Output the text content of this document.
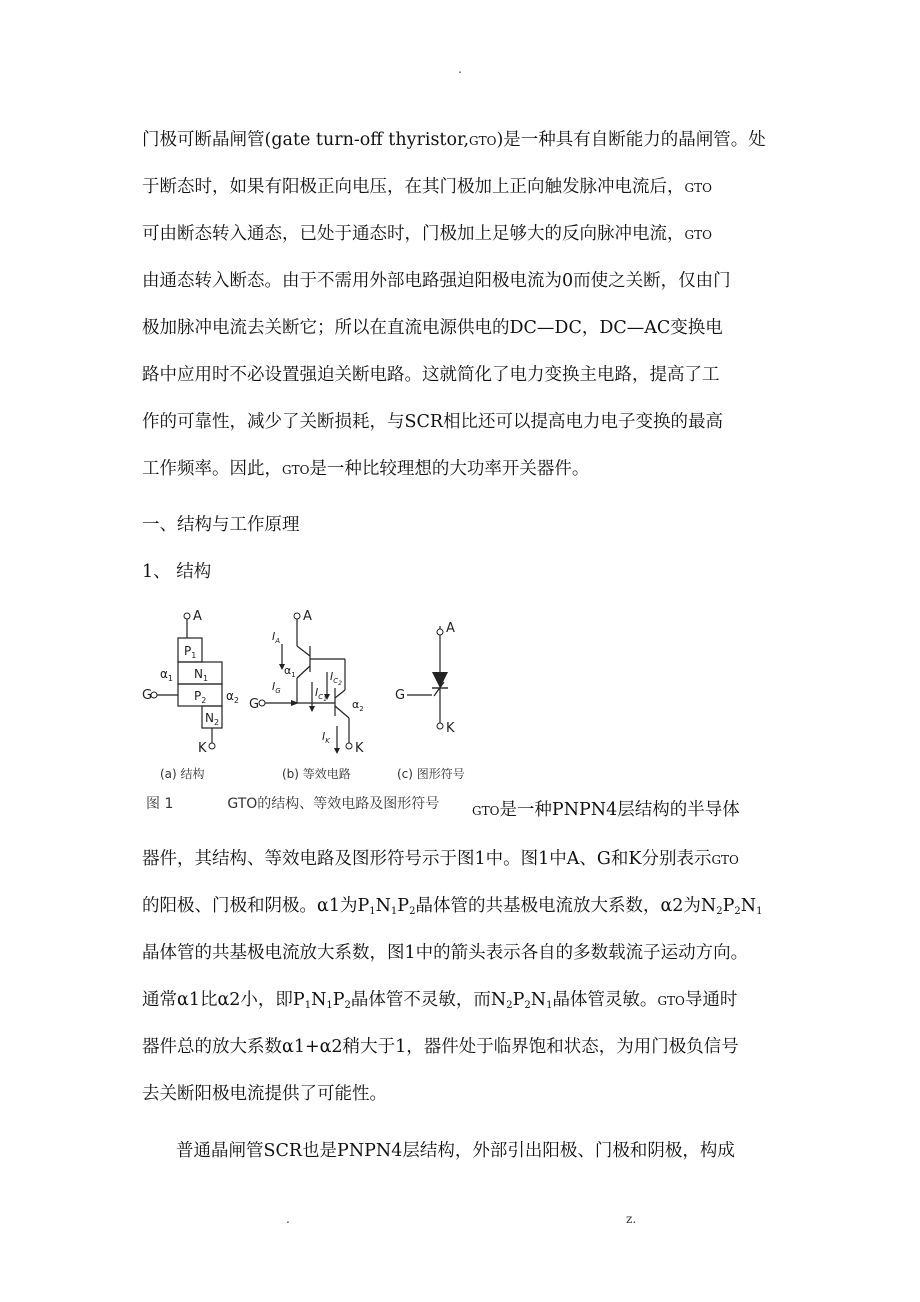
.
门极可断晶闸管(gate turn-off thyristor,GTO)是一种具有自断能力的晶闸管。处
于断态时，如果有阳极正向电压，在其门极加上正向触发脉冲电流后，GTO
可由断态转入通态，已处于通态时，门极加上足够大的反向脉冲电流，GTO
由通态转入断态。由于不需用外部电路强迫阳极电流为0而使之关断，仅由门
极加脉冲电流去关断它；所以在直流电源供电的DC—DC，DC—AC变换电
路中应用时不必设置强迫关断电路。这就简化了电力变换主电路，提高了工
作的可靠性，减少了关断损耗，与SCR相比还可以提高电力电子变换的最高
工作频率。因此，GTO是一种比较理想的大功率开关器件。
一、结构与工作原理
1、 结构
A
K
G
$P_1$
$N_1$
$P_2$
$N_2$
$\alpha_1$
$\alpha_2$
A
K
G
$I_A$
$I_G$	$I_C1$
$I_C2$
$I_K$
$\alpha_1$
$\alpha_2$
A
K
G
(a) 结构	(b) 等效电路	(c) 图形符号
图 1	GTO的结构、等效电路及图形符号	GTO是一种PNPN4层结构的半导体
器件，其结构、等效电路及图形符号示于图1中。图1中A、G和K分别表示GTO
的阳极、门极和阴极。α1为$P_1N_1P_2$晶体管的共基极电流放大系数，α2为$N_2P_2N_1$
晶体管的共基极电流放大系数，图1中的箭头表示各自的多数载流子运动方向。
通常α1比α2小，即$P_1N_1P_2$晶体管不灵敏，而$N_2P_2N_1$晶体管灵敏。GTO导通时
器件总的放大系数α1+α2稍大于1，器件处于临界饱和状态，为用门极负信号
去关断阳极电流提供了可能性。
普通晶闸管SCR也是PNPN4层结构，外部引出阳极、门极和阴极，构成
.	z.
